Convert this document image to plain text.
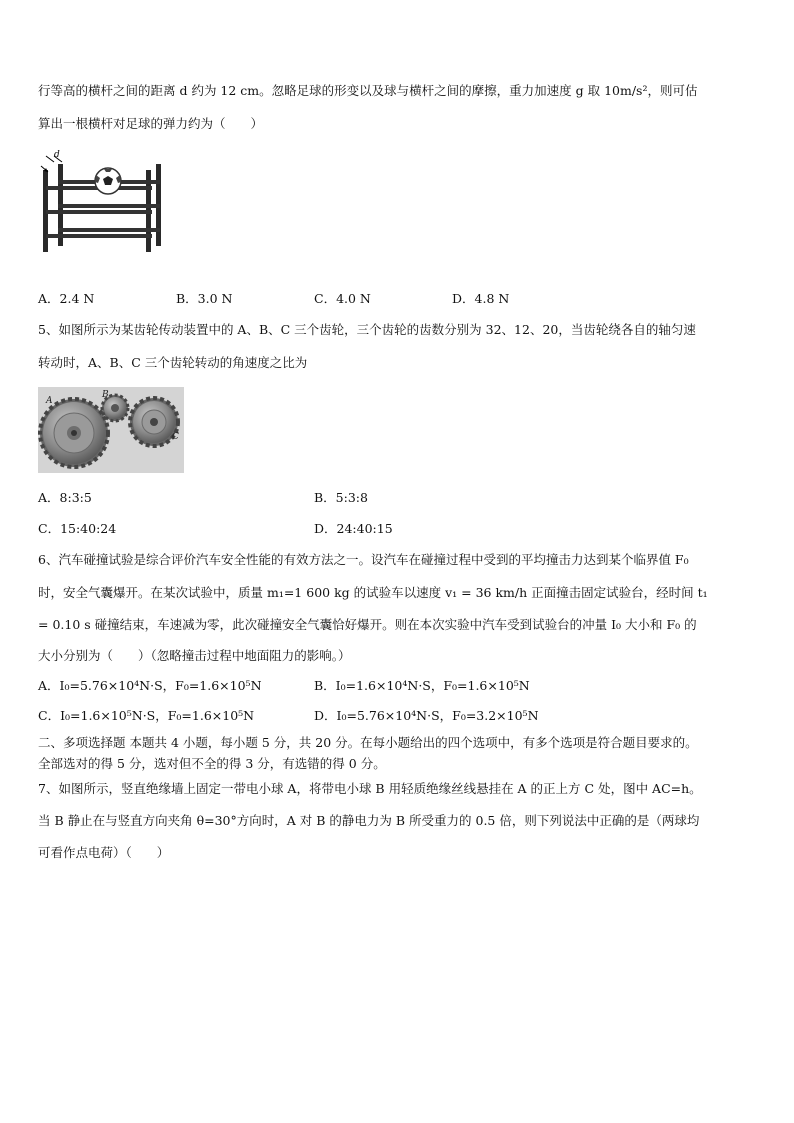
行等高的横杆之间的距离 d 约为 12 cm。忽略足球的形变以及球与横杆之间的摩擦，重力加速度 g 取 10m/s²，则可估
算出一根横杆对足球的弹力约为（　　）
d
A．2.4 N	B．3.0 N	C．4.0 N	D．4.8 N
5、如图所示为某齿轮传动装置中的 A、B、C 三个齿轮，三个齿轮的齿数分别为 32、12、20，当齿轮绕各自的轴匀速
转动时，A、B、C 三个齿轮转动的角速度之比为
A
B
C
A．8:3:5	B．5:3:8
C．15:40:24	D．24:40:15
6、汽车碰撞试验是综合评价汽车安全性能的有效方法之一。设汽车在碰撞过程中受到的平均撞击力达到某个临界值 F₀
时，安全气囊爆开。在某次试验中，质量 m₁=1 600 kg 的试验车以速度 v₁ = 36 km/h 正面撞击固定试验台，经时间 t₁
= 0.10 s 碰撞结束，车速减为零，此次碰撞安全气囊恰好爆开。则在本次实验中汽车受到试验台的冲量 I₀ 大小和 F₀ 的
大小分别为（　　）（忽略撞击过程中地面阻力的影响。）
A．I₀=5.76×10⁴N·S，F₀=1.6×10⁵N	B．I₀=1.6×10⁴N·S，F₀=1.6×10⁵N
C．I₀=1.6×10⁵N·S，F₀=1.6×10⁵N	D．I₀=5.76×10⁴N·S，F₀=3.2×10⁵N
二、多项选择题 本题共 4 小题，每小题 5 分，共 20 分。在每小题给出的四个选项中，有多个选项是符合题目要求的。
全部选对的得 5 分，选对但不全的得 3 分，有选错的得 0 分。
7、如图所示，竖直绝缘墙上固定一带电小球 A，将带电小球 B 用轻质绝缘丝线悬挂在 A 的正上方 C 处，图中 AC=h。
当 B 静止在与竖直方向夹角 θ=30°方向时，A 对 B 的静电力为 B 所受重力的 0.5 倍，则下列说法中正确的是（两球均
可看作点电荷）（　　）
